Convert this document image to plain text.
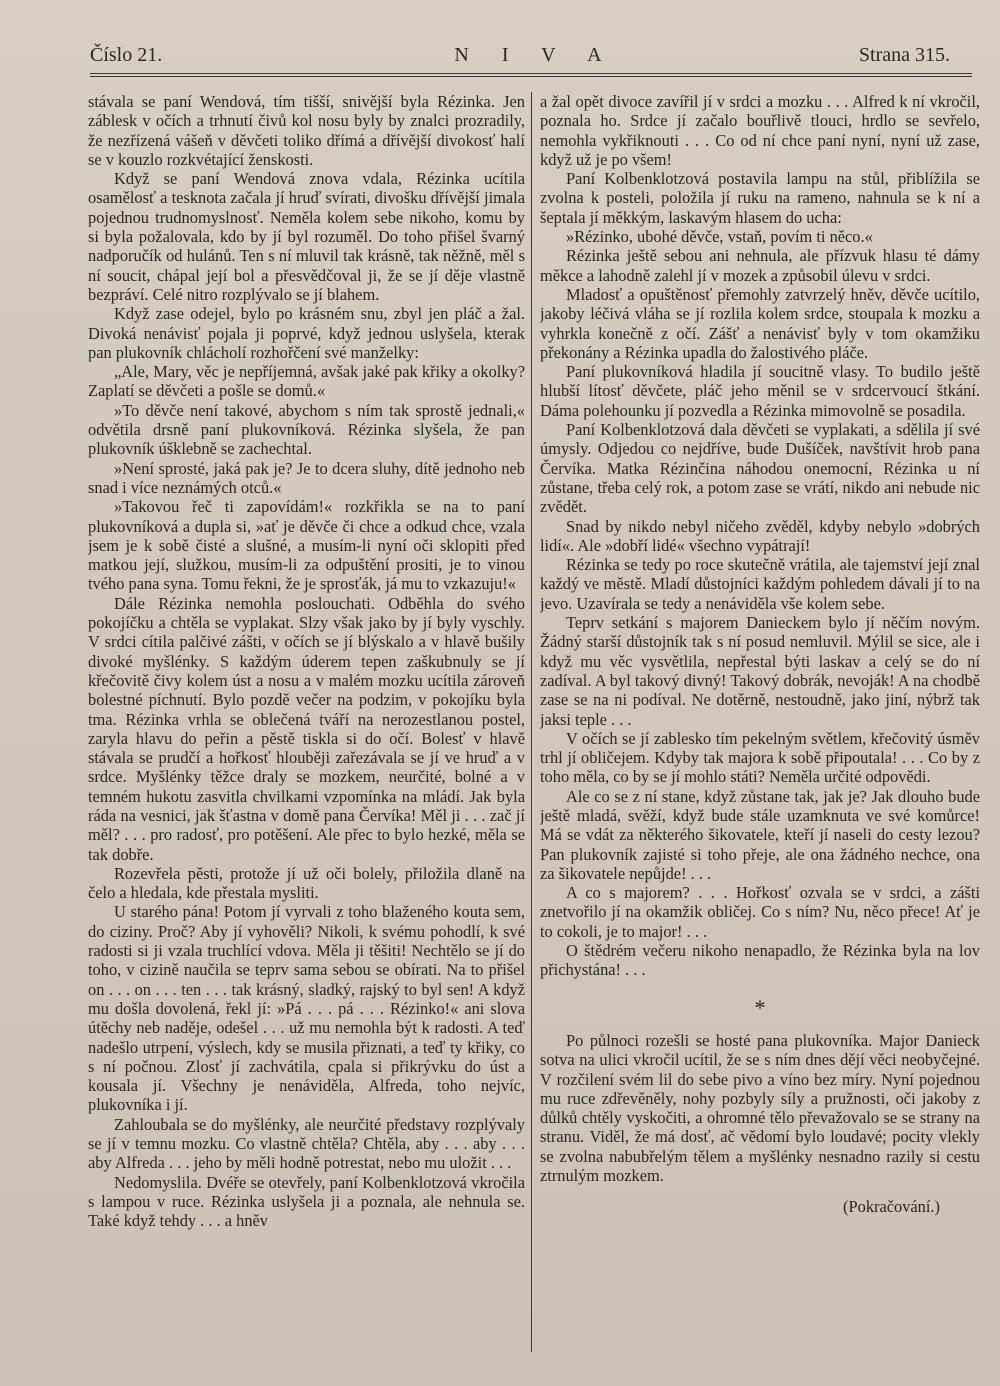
Číslo 21.	N I V A	Strana 315.

stávala se paní Wendová, tím tišší, snivější byla Rézinka. Jen záblesk v očích a trhnutí čivů kol nosu byly by znalci prozradily, že nezřízená vášeň v děvčeti toliko dřímá a dřívější divokosť halí se v kouzlo rozkvétající ženskosti.

Když se paní Wendová znova vdala, Rézinka ucítila osamělosť a tesknota začala jí hruď svírati, divošku dřívější jimala pojednou trudnomyslnosť. Neměla kolem sebe nikoho, komu by si byla požalovala, kdo by jí byl rozuměl. Do toho přišel švarný nadporučík od hulánů. Ten s ní mluvil tak krásně, tak něžně, měl s ní soucit, chápal její bol a přesvědčoval ji, že se jí děje vlastně bezpráví. Celé nitro rozplývalo se jí blahem.

Když zase odejel, bylo po krásném snu, zbyl jen pláč a žal. Divoká nenávisť pojala ji poprvé, když jednou uslyšela, kterak pan plukovník chlácholí rozhořčení své manželky:

„Ale, Mary, věc je nepříjemná, avšak jaké pak křiky a okolky? Zaplatí se děvčeti a pošle se domů.«

»To děvče není takové, abychom s ním tak sprostě jednali,« odvětila drsně paní plukovníková. Rézinka slyšela, že pan plukovník úšklebně se zachechtal.

»Není sprosté, jaká pak je? Je to dcera sluhy, dítě jednoho neb snad i více neznámých otců.«

»Takovou řeč ti zapovídám!« rozkřikla se na to paní plukovníková a dupla si, »ať je děvče či chce a odkud chce, vzala jsem je k sobě čisté a slušné, a musím-li nyní oči sklopiti před matkou její, služkou, musím-li za odpuštění prositi, je to vinou tvého pana syna. Tomu řekni, že je sprosťák, já mu to vzkazuju!«

Dále Rézinka nemohla poslouchati. Odběhla do svého pokojíčku a chtěla se vyplakat. Slzy však jako by jí byly vyschly. V srdci cítila palčivé zášti, v očích se jí blýskalo a v hlavě bušily divoké myšlénky. S každým úderem tepen zaškubnuly se jí křečovitě čivy kolem úst a nosu a v malém mozku ucítila zároveň bolestné píchnutí. Bylo pozdě večer na podzim, v pokojíku byla tma. Rézinka vrhla se oblečená tváří na nerozestlanou postel, zaryla hlavu do peřin a pěstě tiskla si do očí. Bolesť v hlavě stávala se prudčí a hořkosť hlouběji zařezávala se jí ve hruď a v srdce. Myšlénky těžce draly se mozkem, neurčité, bolné a v temném hukotu zasvitla chvilkami vzpomínka na mládí. Jak byla ráda na vesnici, jak šťastna v domě pana Červíka! Měl ji . . . zač jí měl? . . . pro radosť, pro potěšení. Ale přec to bylo hezké, měla se tak dobře.

Rozevřela pěsti, protože jí už oči bolely, přiložila dlaně na čelo a hledala, kde přestala mysliti.

U starého pána! Potom jí vyrvali z toho blaženého kouta sem, do ciziny. Proč? Aby jí vyhověli? Nikoli, k svému pohodlí, k své radosti si ji vzala truchlící vdova. Měla ji těšiti! Nechtělo se jí do toho, v cizině naučila se teprv sama sebou se obírati. Na to přišel on . . . on . . . ten . . . tak krásný, sladký, rajský to byl sen! A když mu došla dovolená, řekl jí: »Pá . . . pá . . . Rézinko!« ani slova útěchy neb naděje, odešel . . . už mu nemohla být k radosti. A teď nadešlo utrpení, výslech, kdy se musila přiznati, a teď ty křiky, co s ní počnou. Zlosť jí zachvátila, cpala si přikrývku do úst a kousala jí. Všechny je nenáviděla, Alfreda, toho nejvíc, plukovníka i jí.

Zahloubala se do myšlénky, ale neurčité představy rozplývaly se jí v temnu mozku. Co vlastně chtěla? Chtěla, aby . . . aby . . . aby Alfreda . . . jeho by měli hodně potrestat, nebo mu uložit . . .

Nedomyslila. Dvéře se otevřely, paní Kolbenklotzová vkročila s lampou v ruce. Rézinka uslyšela ji a poznala, ale nehnula se. Také když tehdy . . . a hněv

a žal opět divoce zavířil jí v srdci a mozku . . . Alfred k ní vkročil, poznala ho. Srdce jí začalo bouřlivě tlouci, hrdlo se sevřelo, nemohla vykřiknouti . . . Co od ní chce paní nyní, nyní už zase, když už je po všem!

Paní Kolbenklotzová postavila lampu na stůl, přiblížila se zvolna k posteli, položila jí ruku na rameno, nahnula se k ní a šeptala jí měkkým, laskavým hlasem do ucha:

»Rézinko, ubohé děvče, vstaň, povím ti něco.«

Rézinka ještě sebou ani nehnula, ale přízvuk hlasu té dámy měkce a lahodně zalehl jí v mozek a způsobil úlevu v srdci.

Mladosť a opuštěnosť přemohly zatvrzelý hněv, děvče ucítilo, jakoby léčivá vláha se jí rozlila kolem srdce, stoupala k mozku a vyhrkla konečně z očí. Zášť a nenávisť byly v tom okamžiku překonány a Rézinka upadla do žalostivého pláče.

Paní plukovníková hladila jí soucitně vlasy. To budilo ještě hlubší lítosť děvčete, pláč jeho měnil se v srdcervoucí štkání. Dáma polehounku jí pozvedla a Rézinka mimovolně se posadila.

Paní Kolbenklotzová dala děvčeti se vyplakati, a sdělila jí své úmysly. Odjedou co nejdříve, bude Dušíček, navštívit hrob pana Červíka. Matka Rézinčina náhodou onemocní, Rézinka u ní zůstane, třeba celý rok, a potom zase se vrátí, nikdo ani nebude nic zvědět.

Snad by nikdo nebyl ničeho zvěděl, kdyby nebylo »dobrých lidí«. Ale »dobří lidé« všechno vypátrají!

Rézinka se tedy po roce skutečně vrátila, ale tajemství její znal každý ve městě. Mladí důstojníci každým pohledem dávali jí to na jevo. Uzavírala se tedy a nenáviděla vše kolem sebe.

Teprv setkání s majorem Danieckem bylo jí něčím novým. Žádný starší důstojník tak s ní posud nemluvil. Mýlil se sice, ale i když mu věc vysvětlila, nepřestal býti laskav a celý se do ní zadíval. A byl takový divný! Takový dobrák, nevoják! A na chodbě zase se na ni podíval. Ne dotěrně, nestoudně, jako jiní, nýbrž tak jaksi teple . . .

V očích se jí zablesko tím pekelným světlem, křečovitý úsměv trhl jí obličejem. Kdyby tak majora k sobě připoutala! . . . Co by z toho měla, co by se jí mohlo státi? Neměla určité odpovědi.

Ale co se z ní stane, když zůstane tak, jak je? Jak dlouho bude ještě mladá, svěží, když bude stále uzamknuta ve své komůrce! Má se vdát za některého šikovatele, kteří jí naseli do cesty lezou? Pan plukovník zajisté si toho přeje, ale ona žádného nechce, ona za šikovatele nepůjde! . . .

A co s majorem? . . . Hořkosť ozvala se v srdci, a zášti znetvořilo jí na okamžik obličej. Co s ním? Nu, něco přece! Ať je to cokoli, je to major! . . .

O štědrém večeru nikoho nenapadlo, že Rézinka byla na lov přichystána! . . .

*

Po půlnoci rozešli se hosté pana plukovníka. Major Danieck sotva na ulici vkročil ucítil, že se s ním dnes dějí věci neobyčejné. V rozčilení svém lil do sebe pivo a víno bez míry. Nyní pojednou mu ruce zdřevěněly, nohy pozbyly síly a pružnosti, oči jakoby z důlků chtěly vyskočiti, a ohromné tělo převažovalo se se strany na stranu. Viděl, že má dosť, ač vědomí bylo loudavé; pocity vlekly se zvolna nabubřelým tělem a myšlénky nesnadno razily si cestu ztrnulým mozkem.

(Pokračování.)
